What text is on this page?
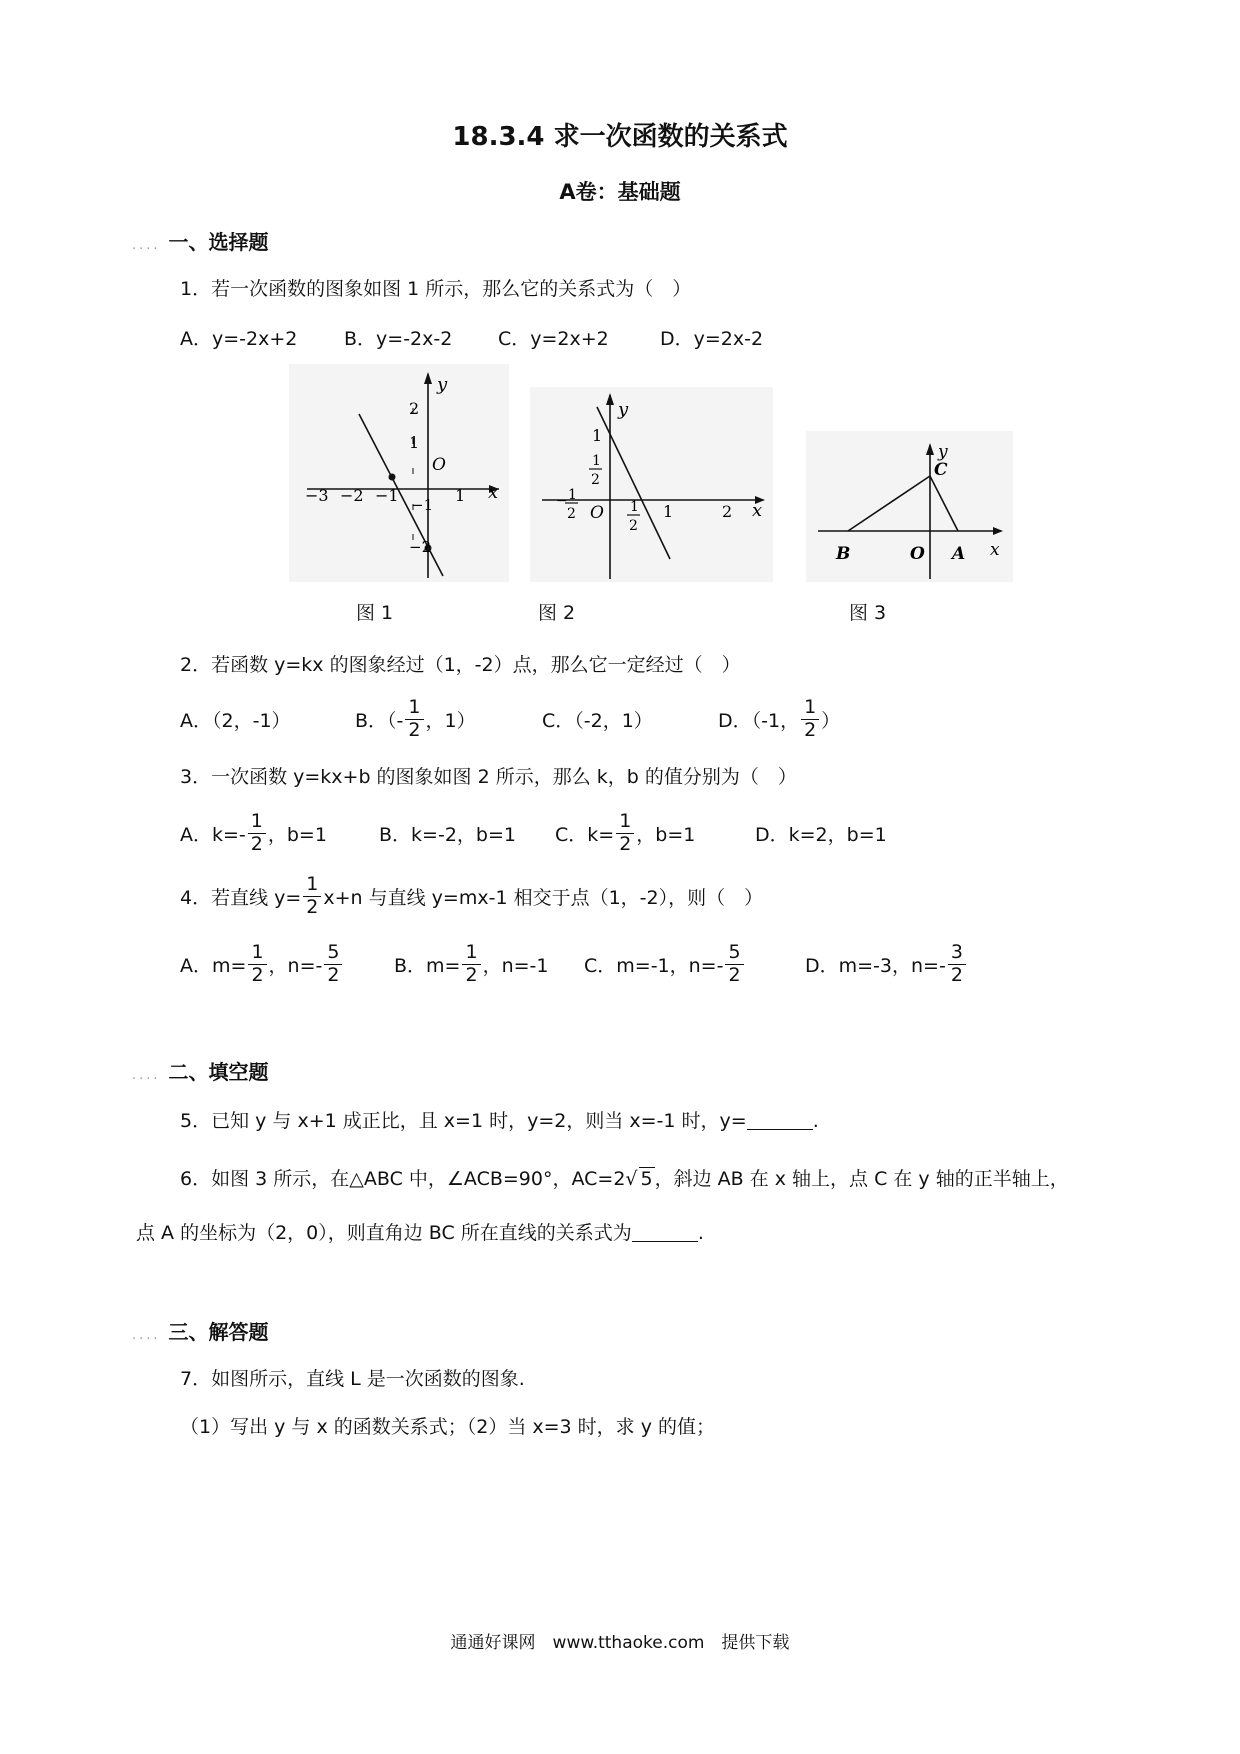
18.3.4 求一次函数的关系式
A卷：基础题
.... 一、选择题
1．若一次函数的图象如图 1 所示，那么它的关系式为（　）
A．y=-2x+2 B．y=-2x-2 C．y=2x+2	D．y=2x-2
y
x
O
2
1
−3 −2 −1	1
−1
−2
y
x
O
1
1
2
− 1
2	1
2
1	2
y
x
B	O A
C
图 1	图 2	图 3
2．若函数 y=kx 的图象经过（1，-2）点，那么它一定经过（　）
A．（2，-1）	B．（- $\frac{1}{2}$ ，1）	C．（-2，1）	D．（-1， $\frac{1}{2}$ ）
3．一次函数 y=kx+b 的图象如图 2 所示，那么 k，b 的值分别为（　）
A．$k=- \frac{1}{2}$ ，b=1	B．k=-2，b=1 C．$k= \frac{1}{2}$ ，b=1	D．k=2，b=1
4．若直线 $y= \frac{1}{2} x+n$ 与直线 y=mx-1 相交于点（1，-2），则（　）
A．$m= \frac{1}{2}$ ，$n=- \frac{5}{2}$	B．$m= \frac{1}{2}$ ，n=-1 C．m=-1，$n=- \frac{5}{2}$	D．m=-3，$n=- \frac{3}{2}$
.... 二、填空题
5．已知 y 与 x+1 成正比，且 x=1 时，y=2，则当 x=-1 时，y=	.
6．如图 3 所示，在△ABC 中，∠ACB=90°，AC=2√ 5 ，斜边 AB 在 x 轴上，点 C 在 y 轴的正半轴上，
点 A 的坐标为（2，0），则直角边 BC 所在直线的关系式为	.
.... 三、解答题
7．如图所示，直线 L 是一次函数的图象.
（1）写出 y 与 x 的函数关系式；（2）当 x=3 时，求 y 的值；
通通好课网　www.tthaoke.com　提供下载
